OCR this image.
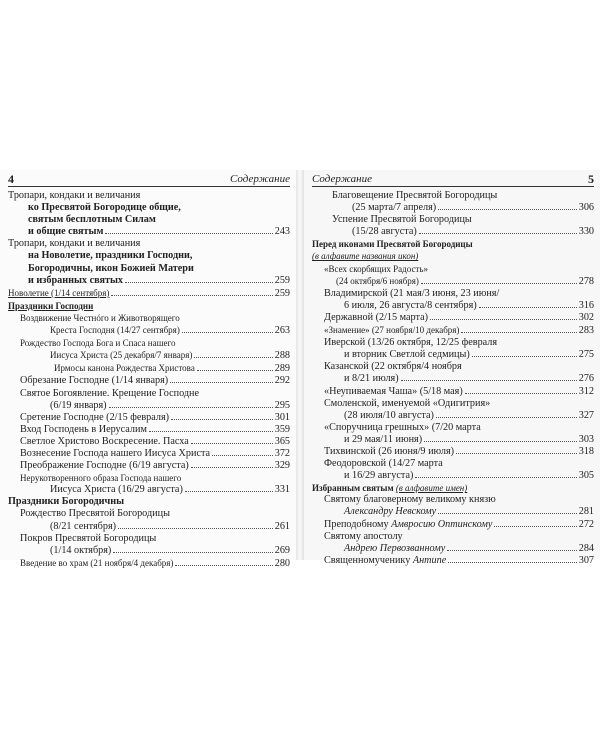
4	Содержание
Тропари, кондаки и величания
ко Пресвятой Богородице общие,
святым бесплотным Силам
и общие святым	243
Тропари, кондаки и величания
на Новолетие, праздники Господни,
Богородичны, икон Божией Матери
и избранных святых	259
Новолетие (1/14 сентября)	259
Праздники Господни
Воздвижение Честнóго и Животворящего
Креста Господня (14/27 сентября)	263
Рождество Господа Бога и Спаса нашего
Иисуса Христа (25 декабря/7 января)	288
Ирмосы канона Рождества Христова	289
Обрезание Господне (1/14 января)	292
Святое Богоявление. Крещение Господне
(6/19 января)	295
Сретение Господне (2/15 февраля)	301
Вход Господень в Иерусалим	359
Светлое Христово Воскресение. Пасха	365
Вознесение Господа нашего Иисуса Христа	372
Преображение Господне (6/19 августа)	329
Нерукотворенного образа Господа нашего
Иисуса Христа (16/29 августа)	331
Праздники Богородичны
Рождество Пресвятой Богородицы
(8/21 сентября)	261
Покров Пресвятой Богородицы
(1/14 октября)	269
Введение во храм (21 ноября/4 декабря)	280
Содержание	5
Благовещение Пресвятой Богородицы
(25 марта/7 апреля)	306
Успение Пресвятой Богородицы
(15/28 августа)	330
Перед иконами Пресвятой Богородицы
(в алфавите названия икон)
«Всех скорбящих Радость»
(24 октября/6 ноября)	278
Владимирской (21 мая/3 июня, 23 июня/
6 июля, 26 августа/8 сентября)	316
Державной (2/15 марта)	302
«Знамение» (27 ноября/10 декабря)	283
Иверской (13/26 октября, 12/25 февраля
и вторник Светлой седмицы)	275
Казанской (22 октября/4 ноября
и 8/21 июля)	276
«Неупиваемая Чаша» (5/18 мая)	312
Смоленской, именуемой «Одигитрия»
(28 июля/10 августа)	327
«Споручница грешных» (7/20 марта
и 29 мая/11 июня)	303
Тихвинской (26 июня/9 июля)	318
Феодоровской (14/27 марта
и 16/29 августа)	305
Избранным святым (в алфавите имен)
Святому благоверному великому князю
Александру Невскому	281
Преподобному Амвросию Оптинскому	272
Святому апостолу
Андрею Первозванному	284
Священномученику Антипе	307
